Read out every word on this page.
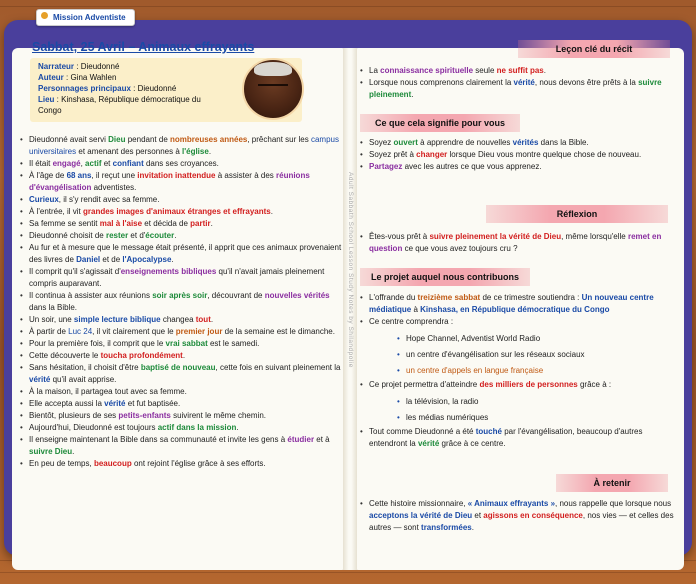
Adult Sabbath School Lesson Study Notes by Shilandpolie
Mission Adventiste
Sabbat, 25 Avril – Animaux effrayants
Narrateur : Dieudonné
Auteur : Gina Wahlen
Personnages principaux : Dieudonné
Lieu : Kinshasa, République démocratique du Congo
• Dieudonné avait servi Dieu pendant de nombreuses années, prêchant sur les campus universitaires et amenant des personnes à l'église.
• Il était engagé, actif et confiant dans ses croyances.
• À l'âge de 68 ans, il reçut une invitation inattendue à assister à des réunions d'évangélisation adventistes.
• Curieux, il s'y rendit avec sa femme.
• À l'entrée, il vit grandes images d'animaux étranges et effrayants.
• Sa femme se sentit mal à l'aise et décida de partir.
• Dieudonné choisit de rester et d'écouter.
• Au fur et à mesure que le message était présenté, il apprit que ces animaux provenaient des livres de Daniel et de l'Apocalypse.
• Il comprit qu'il s'agissait d'enseignements bibliques qu'il n'avait jamais pleinement compris auparavant.
• Il continua à assister aux réunions soir après soir, découvrant de nouvelles vérités dans la Bible.
• Un soir, une simple lecture biblique changea tout.
• À partir de Luc 24, il vit clairement que le premier jour de la semaine est le dimanche.
• Pour la première fois, il comprit que le vrai sabbat est le samedi.
• Cette découverte le toucha profondément.
• Sans hésitation, il choisit d'être baptisé de nouveau, cette fois en suivant pleinement la vérité qu'il avait apprise.
• À la maison, il partagea tout avec sa femme.
• Elle accepta aussi la vérité et fut baptisée.
• Bientôt, plusieurs de ses petits-enfants suivirent le même chemin.
• Aujourd'hui, Dieudonné est toujours actif dans la mission.
• Il enseigne maintenant la Bible dans sa communauté et invite les gens à étudier et à suivre Dieu.
• En peu de temps, beaucoup ont rejoint l'église grâce à ses efforts.
Leçon clé du récit
• La connaissance spirituelle seule ne suffit pas.
• Lorsque nous comprenons clairement la vérité, nous devons être prêts à la suivre pleinement.
Ce que cela signifie pour vous
• Soyez ouvert à apprendre de nouvelles vérités dans la Bible.
• Soyez prêt à changer lorsque Dieu vous montre quelque chose de nouveau.
• Partagez avec les autres ce que vous apprenez.
Réflexion
• Êtes-vous prêt à suivre pleinement la vérité de Dieu, même lorsqu'elle remet en question ce que vous avez toujours cru ?
Le projet auquel nous contribuons
• L'offrande du treizième sabbat de ce trimestre soutiendra : Un nouveau centre médiatique à Kinshasa, en République démocratique du Congo
• Ce centre comprendra :
• Hope Channel, Adventist World Radio
• un centre d'évangélisation sur les réseaux sociaux
• un centre d'appels en langue française
• Ce projet permettra d'atteindre des milliers de personnes grâce à :
• la télévision, la radio
• les médias numériques
• Tout comme Dieudonné a été touché par l'évangélisation, beaucoup d'autres entendront la vérité grâce à ce centre.
À retenir
• Cette histoire missionnaire, « Animaux effrayants », nous rappelle que lorsque nous acceptons la vérité de Dieu et agissons en conséquence, nos vies — et celles des autres — sont transformées.
